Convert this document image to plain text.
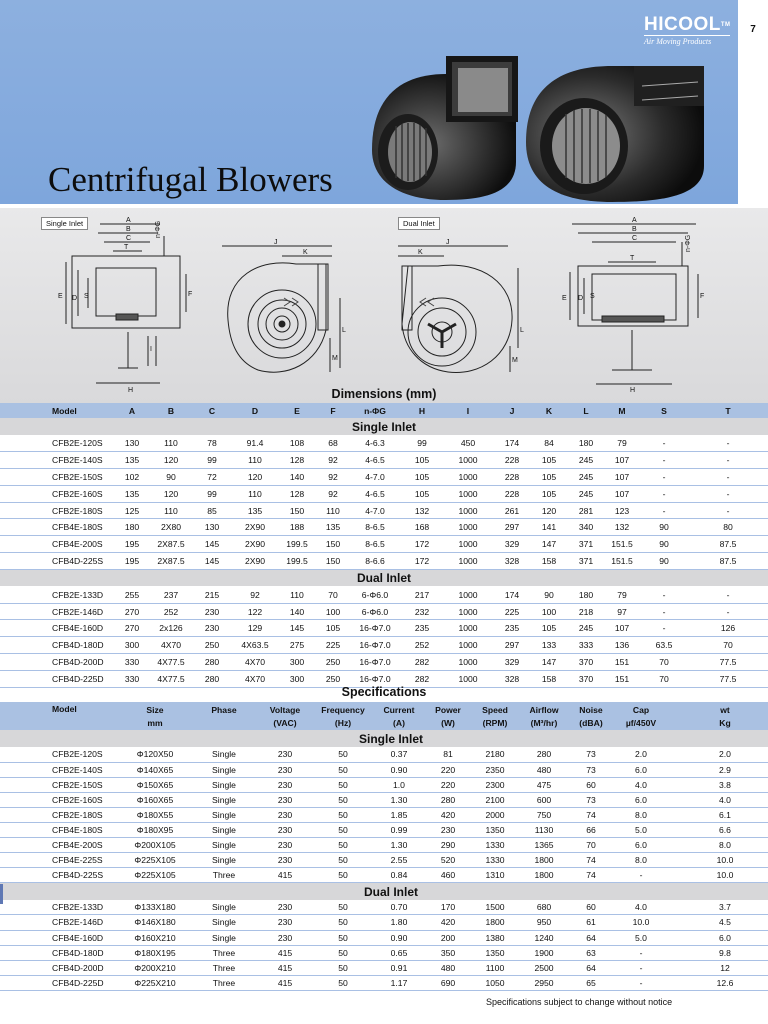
7
HICOOL™
Air Moving Products
Centrifugal Blowers
Single Inlet	Dual Inlet
A
B
C
T
n-ΦG
H
I
E D S	F
J
K
L
M
J
K
L
M
A
B
C
T
n-ΦG
H
E D S	F
Dimensions (mm)
Model	A	B	C	D	E	F	n-ΦG	H	I	J	K	L	M	S	T
Single Inlet															
CFB2E-120S	130	110	78	91.4	108	68	4-6.3	99	450	174	84	180	79	-	-
CFB2E-140S	135	120	99	110	128	92	4-6.5	105	1000	228	105	245	107	-	-
CFB2E-150S	102	90	72	120	140	92	4-7.0	105	1000	228	105	245	107	-	-
CFB2E-160S	135	120	99	110	128	92	4-6.5	105	1000	228	105	245	107	-	-
CFB2E-180S	125	110	85	135	150	110	4-7.0	132	1000	261	120	281	123	-	-
CFB4E-180S	180	2X80	130	2X90	188	135	8-6.5	168	1000	297	141	340	132	90	80
CFB4E-200S	195	2X87.5	145	2X90	199.5	150	8-6.5	172	1000	329	147	371	151.5	90	87.5
CFB4D-225S	195	2X87.5	145	2X90	199.5	150	8-6.6	172	1000	328	158	371	151.5	90	87.5
Dual Inlet															
CFB2E-133D	255	237	215	92	110	70	6-Φ6.0	217	1000	174	90	180	79	-	-
CFB2E-146D	270	252	230	122	140	100	6-Φ6.0	232	1000	225	100	218	97	-	-
CFB4E-160D	270	2x126	230	129	145	105	16-Φ7.0	235	1000	235	105	245	107	-	126
CFB4D-180D	300	4X70	250	4X63.5	275	225	16-Φ7.0	252	1000	297	133	333	136	63.5	70
CFB4D-200D	330	4X77.5	280	4X70	300	250	16-Φ7.0	282	1000	329	147	370	151	70	77.5
CFB4D-225D	330	4X77.5	280	4X70	300	250	16-Φ7.0	282	1000	328	158	370	151	70	77.5
Specifications
Model	Size	Phase	Voltage	Frequency	Current	Power	Speed	Airflow	Noise	Cap	wt
	mm		(VAC)	(Hz)	(A)	(W)	(RPM)	(M³/hr)	(dBA)	µf/450V	Kg
Single Inlet											
CFB2E-120S	Φ120X50	Single	230	50	0.37	81	2180	280	73	2.0	2.0
CFB2E-140S	Φ140X65	Single	230	50	0.90	220	2350	480	73	6.0	2.9
CFB2E-150S	Φ150X65	Single	230	50	1.0	220	2300	475	60	4.0	3.8
CFB2E-160S	Φ160X65	Single	230	50	1.30	280	2100	600	73	6.0	4.0
CFB2E-180S	Φ180X55	Single	230	50	1.85	420	2000	750	74	8.0	6.1
CFB4E-180S	Φ180X95	Single	230	50	0.99	230	1350	1130	66	5.0	6.6
CFB4E-200S	Φ200X105	Single	230	50	1.30	290	1330	1365	70	6.0	8.0
CFB4E-225S	Φ225X105	Single	230	50	2.55	520	1330	1800	74	8.0	10.0
CFB4D-225S	Φ225X105	Three	415	50	0.84	460	1310	1800	74	-	10.0
Dual Inlet											
CFB2E-133D	Φ133X180	Single	230	50	0.70	170	1500	680	60	4.0	3.7
CFB2E-146D	Φ146X180	Single	230	50	1.80	420	1800	950	61	10.0	4.5
CFB4E-160D	Φ160X210	Single	230	50	0.90	200	1380	1240	64	5.0	6.0
CFB4D-180D	Φ180X195	Three	415	50	0.65	350	1350	1900	63	-	9.8
CFB4D-200D	Φ200X210	Three	415	50	0.91	480	1100	2500	64	-	12
CFB4D-225D	Φ225X210	Three	415	50	1.17	690	1050	2950	65	-	12.6
Specifications subject to change without notice
